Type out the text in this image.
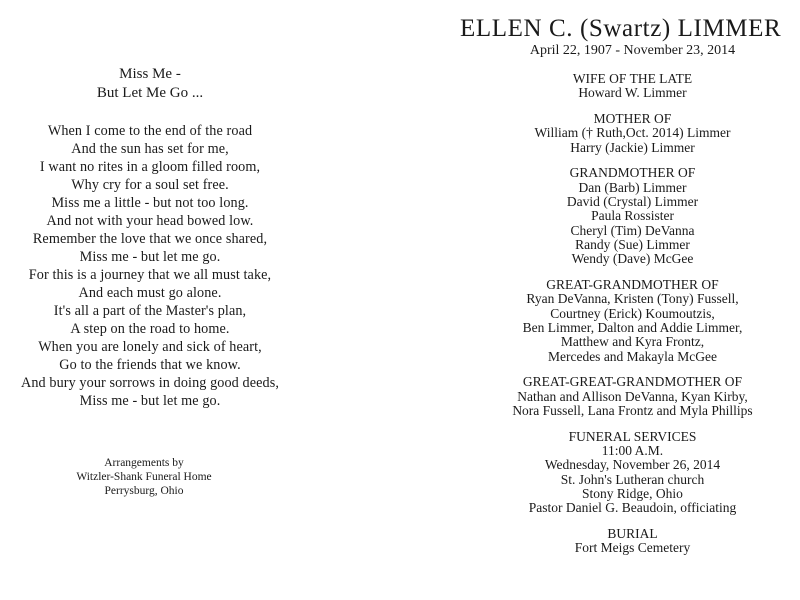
Miss Me -
But Let Me Go ...
When I come to the end of the road
And the sun has set for me,
I want no rites in a gloom filled room,
Why cry for a soul set free.
Miss me a little - but not too long.
And not with your head bowed low.
Remember the love that we once shared,
Miss me - but let me go.
For this is a journey that we all must take,
And each must go alone.
It's all a part of the Master's plan,
A step on the road to home.
When you are lonely and sick of heart,
Go to the friends that we know.
And bury your sorrows in doing good deeds,
Miss me - but let me go.
Arrangements by
Witzler-Shank Funeral Home
Perrysburg, Ohio
ELLEN C. (Swartz) LIMMER
April 22, 1907 - November 23, 2014
WIFE OF THE LATE
Howard W. Limmer
MOTHER OF
William († Ruth,Oct. 2014) Limmer
Harry (Jackie) Limmer
GRANDMOTHER OF
Dan (Barb) Limmer
David (Crystal) Limmer
Paula Rossister
Cheryl (Tim) DeVanna
Randy (Sue) Limmer
Wendy (Dave) McGee
GREAT-GRANDMOTHER OF
Ryan DeVanna, Kristen (Tony) Fussell,
Courtney (Erick) Koumoutzis,
Ben Limmer, Dalton and Addie Limmer,
Matthew and Kyra Frontz,
Mercedes and Makayla McGee
GREAT-GREAT-GRANDMOTHER OF
Nathan and Allison DeVanna, Kyan Kirby,
Nora Fussell, Lana Frontz and Myla Phillips
FUNERAL SERVICES
11:00 A.M.
Wednesday, November 26, 2014
St. John's Lutheran church
Stony Ridge, Ohio
Pastor Daniel G. Beaudoin, officiating
BURIAL
Fort Meigs Cemetery
